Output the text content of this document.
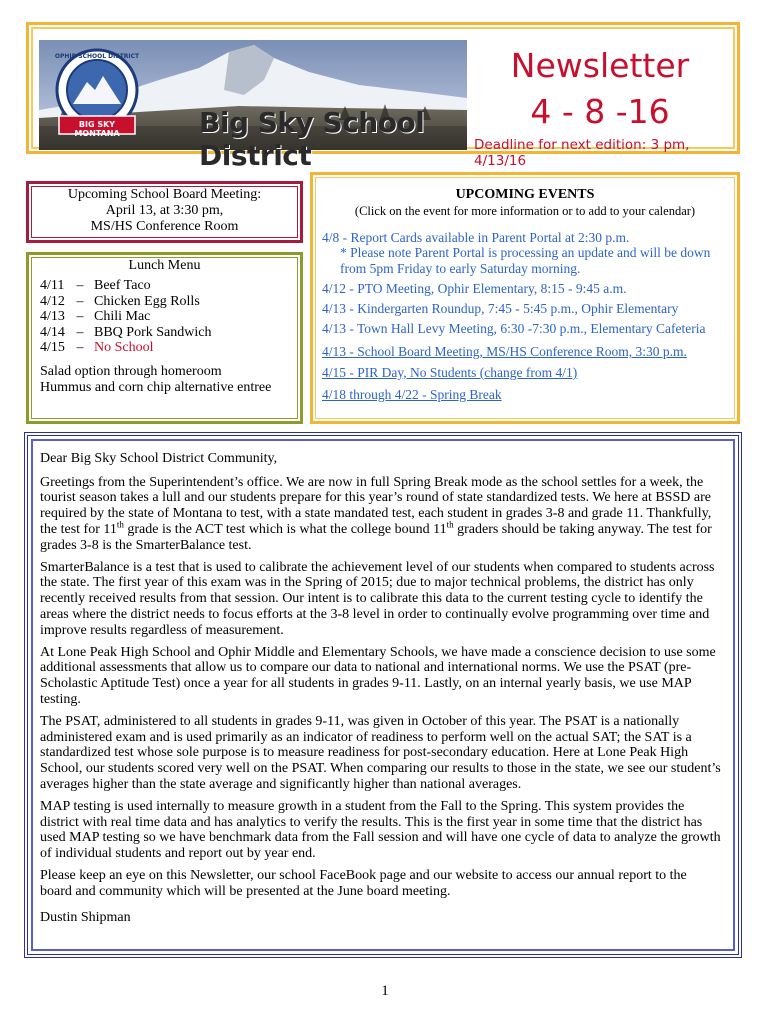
OPHIR SCHOOL DISTRICT
BIG SKY MONTANA	Big Sky School District
Newsletter
4 - 8 -16
Deadline for next edition: 3 pm, 4/13/16
Upcoming School Board Meeting:
April 13, at 3:30 pm,
MS/HS Conference Room
Lunch Menu
4/11 – Beef Taco
4/12 – Chicken Egg Rolls
4/13 – Chili Mac
4/14 – BBQ Pork Sandwich
4/15 – No School
Salad option through homeroom
Hummus and corn chip alternative entree
UPCOMING EVENTS
(Click on the event for more information or to add to your calendar)
4/8 - Report Cards available in Parent Portal at 2:30 p.m.
* Please note Parent Portal is processing an update and will be down from 5pm Friday to early Saturday morning.
4/12 - PTO Meeting, Ophir Elementary, 8:15 - 9:45 a.m.
4/13 - Kindergarten Roundup, 7:45 - 5:45 p.m., Ophir Elementary
4/13 - Town Hall Levy Meeting, 6:30 -7:30 p.m., Elementary Cafeteria
4/13 - School Board Meeting, MS/HS Conference Room, 3:30 p.m.
4/15 - PIR Day, No Students (change from 4/1)
4/18 through 4/22 - Spring Break

Dear Big Sky School District Community,

Greetings from the Superintendent’s office. We are now in full Spring Break mode as the school settles for a week, the tourist season takes a lull and our students prepare for this year’s round of state standardized tests. We here at BSSD are required by the state of Montana to test, with a state mandated test, each student in grades 3-8 and grade 11. Thankfully, the test for 11th grade is the ACT test which is what the college bound 11th graders should be taking anyway. The test for grades 3-8 is the SmarterBalance test.

SmarterBalance is a test that is used to calibrate the achievement level of our students when compared to students across the state. The first year of this exam was in the Spring of 2015; due to major technical problems, the district has only recently received results from that session. Our intent is to calibrate this data to the current testing cycle to identify the areas where the district needs to focus efforts at the 3-8 level in order to continually evolve programming over time and improve results regardless of measurement.

At Lone Peak High School and Ophir Middle and Elementary Schools, we have made a conscience decision to use some additional assessments that allow us to compare our data to national and international norms. We use the PSAT (pre-Scholastic Aptitude Test) once a year for all students in grades 9-11. Lastly, on an internal yearly basis, we use MAP testing.

The PSAT, administered to all students in grades 9-11, was given in October of this year. The PSAT is a nationally administered exam and is used primarily as an indicator of readiness to perform well on the actual SAT; the SAT is a standardized test whose sole purpose is to measure readiness for post-secondary education. Here at Lone Peak High School, our students scored very well on the PSAT. When comparing our results to those in the state, we see our student’s averages higher than the state average and significantly higher than national averages.

MAP testing is used internally to measure growth in a student from the Fall to the Spring. This system provides the district with real time data and has analytics to verify the results. This is the first year in some time that the district has used MAP testing so we have benchmark data from the Fall session and will have one cycle of data to analyze the growth of individual students and report out by year end.

Please keep an eye on this Newsletter, our school FaceBook page and our website to access our annual report to the board and community which will be presented at the June board meeting.

Dustin Shipman

1
